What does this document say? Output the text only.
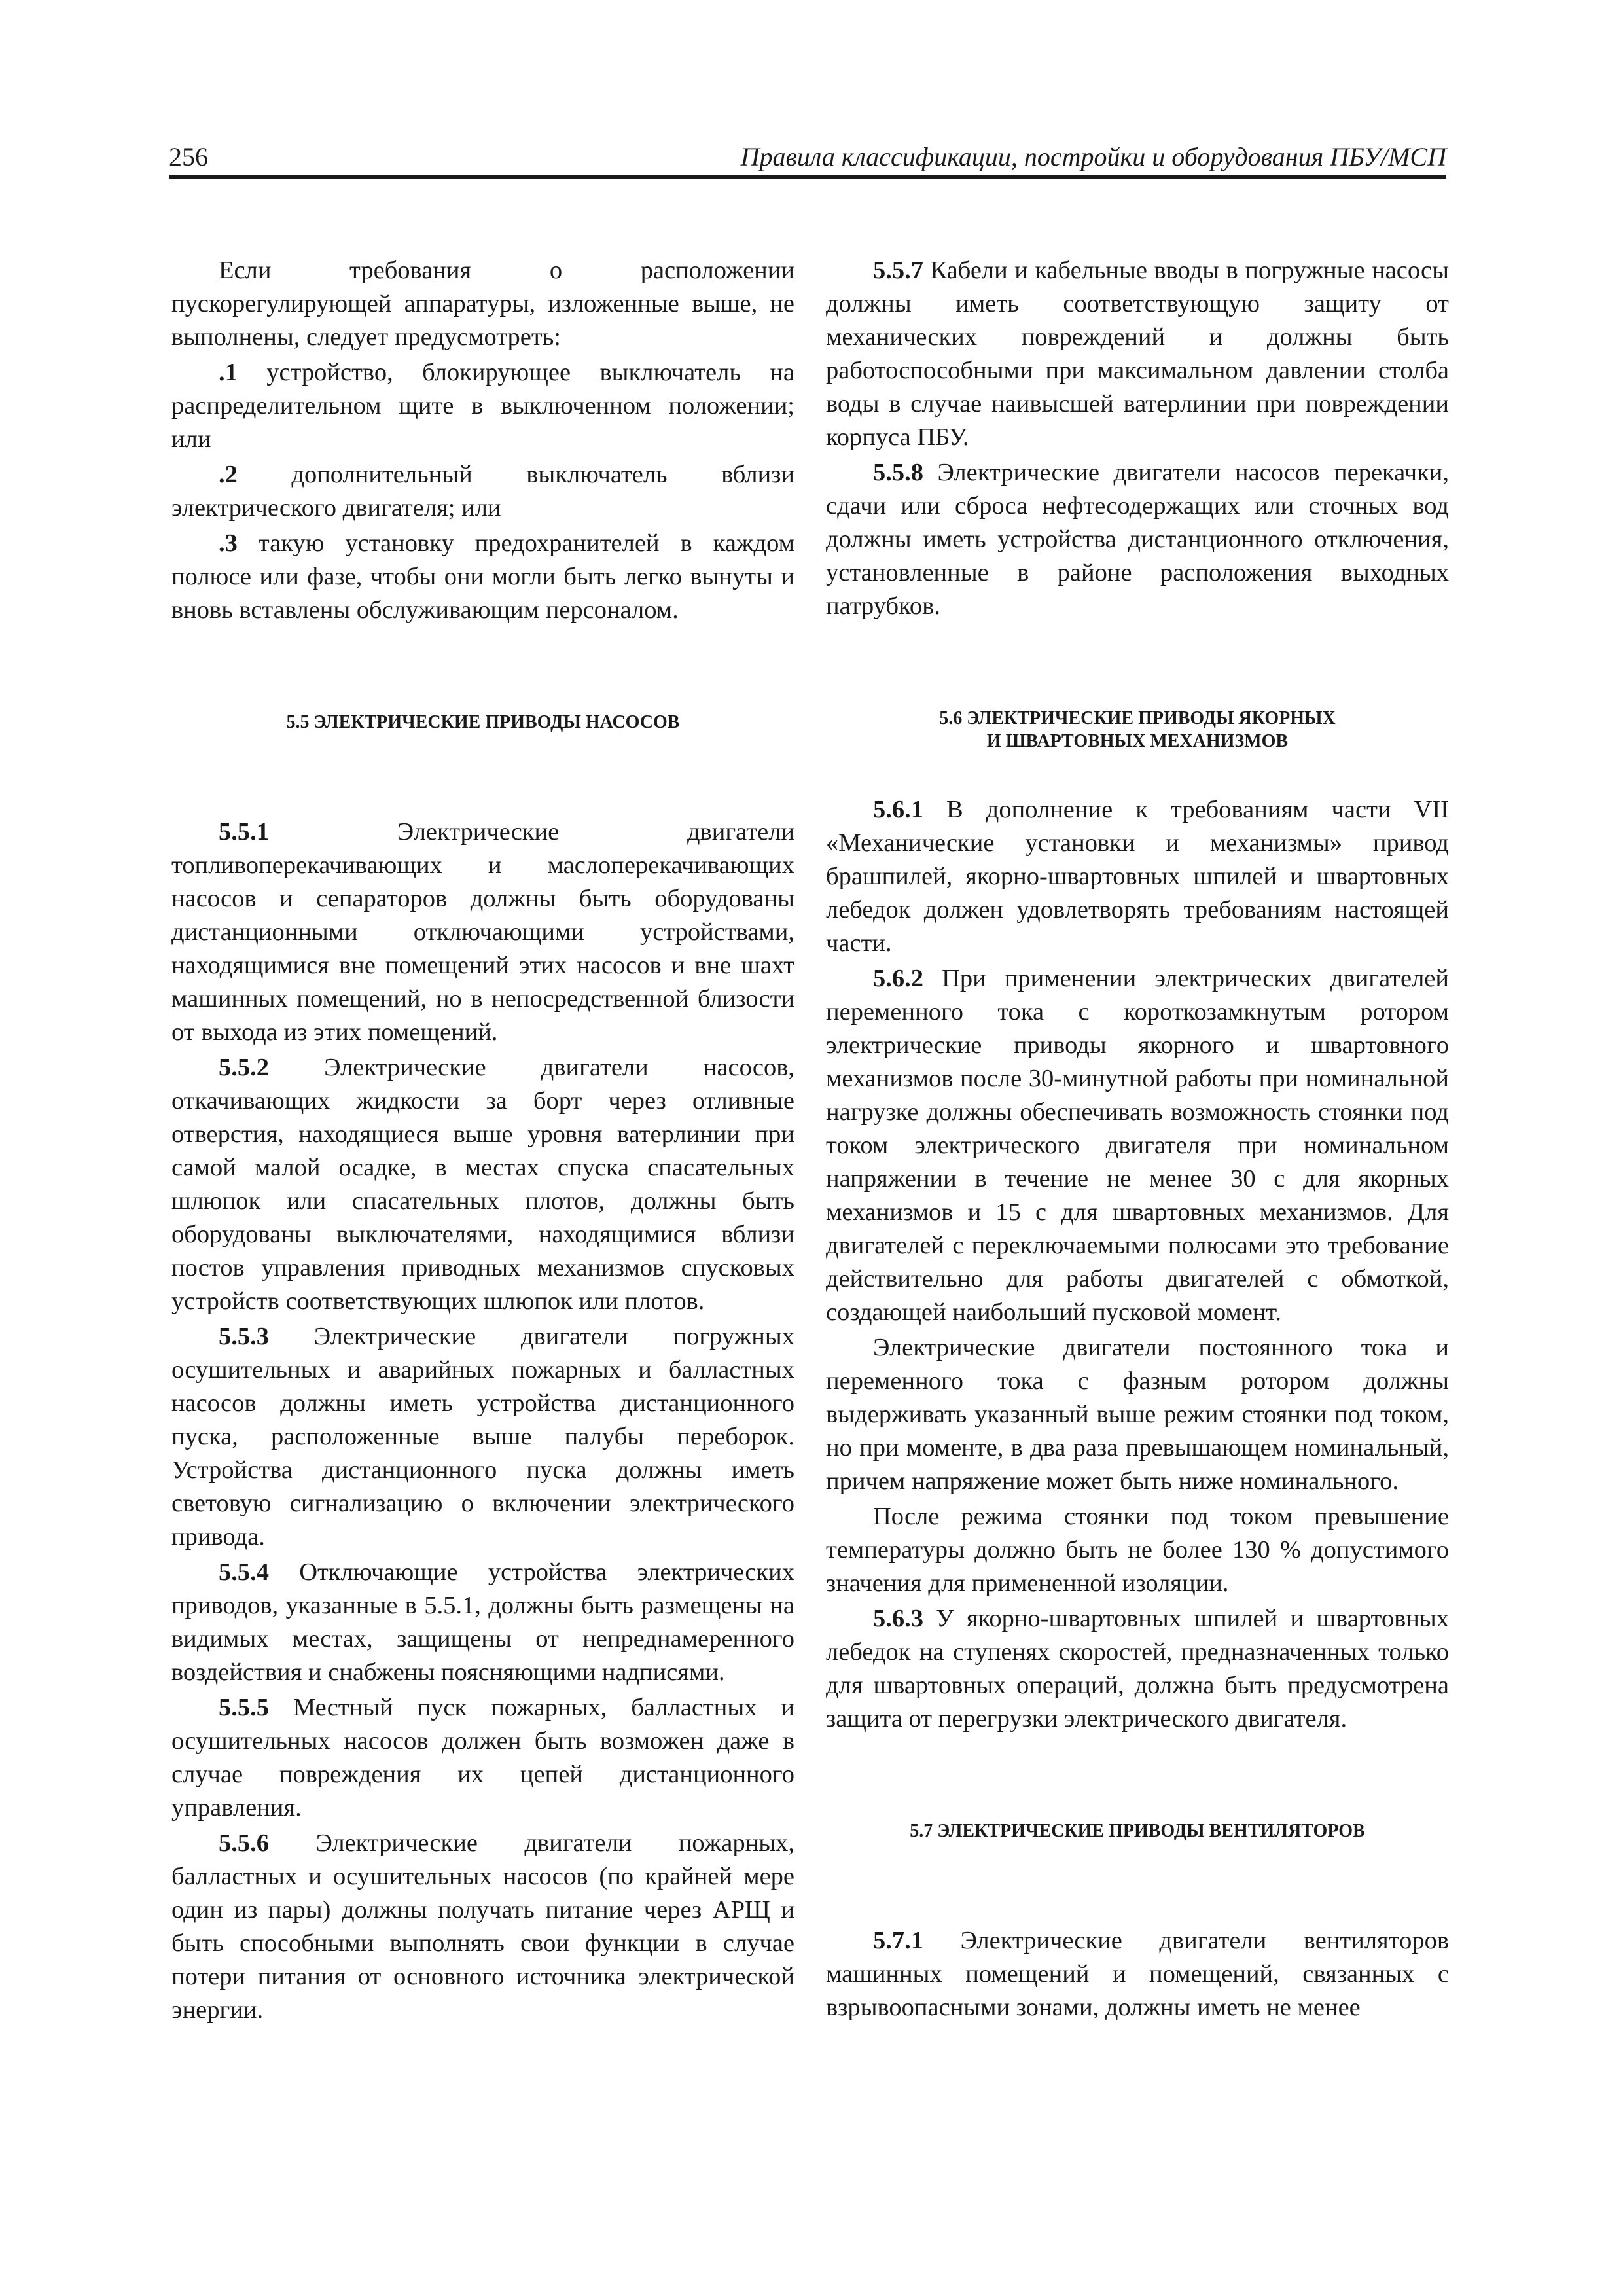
256	Правила классификации, постройки и оборудования ПБУ/МСП

Если требования о расположении пускорегулирующей аппаратуры, изложенные выше, не выполнены, следует предусмотреть:

.1 устройство, блокирующее выключатель на распределительном щите в выключенном положении; или

.2 дополнительный выключатель вблизи электрического двигателя; или

.3 такую установку предохранителей в каждом полюсе или фазе, чтобы они могли быть легко вынуты и вновь вставлены обслуживающим персоналом.

5.5 ЭЛЕКТРИЧЕСКИЕ ПРИВОДЫ НАСОСОВ

5.5.1 Электрические двигатели топливоперекачивающих и маслоперекачивающих насосов и сепараторов должны быть оборудованы дистанционными отключающими устройствами, находящимися вне помещений этих насосов и вне шахт машинных помещений, но в непосредственной близости от выхода из этих помещений.

5.5.2 Электрические двигатели насосов, откачивающих жидкости за борт через отливные отверстия, находящиеся выше уровня ватерлинии при самой малой осадке, в местах спуска спасательных шлюпок или спасательных плотов, должны быть оборудованы выключателями, находящимися вблизи постов управления приводных механизмов спусковых устройств соответствующих шлюпок или плотов.

5.5.3 Электрические двигатели погружных осушительных и аварийных пожарных и балластных насосов должны иметь устройства дистанционного пуска, расположенные выше палубы переборок. Устройства дистанционного пуска должны иметь световую сигнализацию о включении электрического привода.

5.5.4 Отключающие устройства электрических приводов, указанные в 5.5.1, должны быть размещены на видимых местах, защищены от непреднамеренного воздействия и снабжены поясняющими надписями.

5.5.5 Местный пуск пожарных, балластных и осушительных насосов должен быть возможен даже в случае повреждения их цепей дистанционного управления.

5.5.6 Электрические двигатели пожарных, балластных и осушительных насосов (по крайней мере один из пары) должны получать питание через АРЩ и быть способными выполнять свои функции в случае потери питания от основного источника электрической энергии.

5.5.7 Кабели и кабельные вводы в погружные насосы должны иметь соответствующую защиту от механических повреждений и должны быть работоспособными при максимальном давлении столба воды в случае наивысшей ватерлинии при повреждении корпуса ПБУ.

5.5.8 Электрические двигатели насосов перекачки, сдачи или сброса нефтесодержащих или сточных вод должны иметь устройства дистанционного отключения, установленные в районе расположения выходных патрубков.

5.6 ЭЛЕКТРИЧЕСКИЕ ПРИВОДЫ ЯКОРНЫХ
И ШВАРТОВНЫХ МЕХАНИЗМОВ

5.6.1 В дополнение к требованиям части VII «Механические установки и механизмы» привод брашпилей, якорно-швартовных шпилей и швартовных лебедок должен удовлетворять требованиям настоящей части.

5.6.2 При применении электрических двигателей переменного тока с короткозамкнутым ротором электрические приводы якорного и швартовного механизмов после 30-минутной работы при номинальной нагрузке должны обеспечивать возможность стоянки под током электрического двигателя при номинальном напряжении в течение не менее 30 с для якорных механизмов и 15 с для швартовных механизмов. Для двигателей с переключаемыми полюсами это требование действительно для работы двигателей с обмоткой, создающей наибольший пусковой момент.

Электрические двигатели постоянного тока и переменного тока с фазным ротором должны выдерживать указанный выше режим стоянки под током, но при моменте, в два раза превышающем номинальный, причем напряжение может быть ниже номинального.

После режима стоянки под током превышение температуры должно быть не более 130 % допустимого значения для примененной изоляции.

5.6.3 У якорно-швартовных шпилей и швартовных лебедок на ступенях скоростей, предназначенных только для швартовных операций, должна быть предусмотрена защита от перегрузки электрического двигателя.

5.7 ЭЛЕКТРИЧЕСКИЕ ПРИВОДЫ ВЕНТИЛЯТОРОВ

5.7.1 Электрические двигатели вентиляторов машинных помещений и помещений, связанных с взрывоопасными зонами, должны иметь не менее
